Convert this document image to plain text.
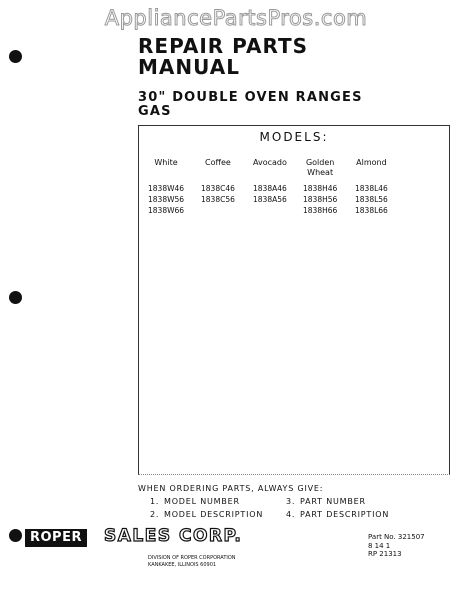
AppliancePartsPros.com
REPAIR PARTS
MANUAL
30" DOUBLE OVEN RANGES
GAS
MODELS:
White
1838W46
1838W56
1838W66
Coffee
1838C46
1838C56
Avocado
1838A46
1838A56
Golden
Wheat
1838H46
1838H56
1838H66
Almond
1838L46
1838L56
1838L66
WHEN ORDERING PARTS, ALWAYS GIVE:
1. MODEL NUMBER
2. MODEL DESCRIPTION
3. PART NUMBER
4. PART DESCRIPTION
ROPER SALES CORP.
DIVISION OF ROPER CORPORATION
KANKAKEE, ILLINOIS 60901
Part No. 321507
8 14 1
RP 21313
